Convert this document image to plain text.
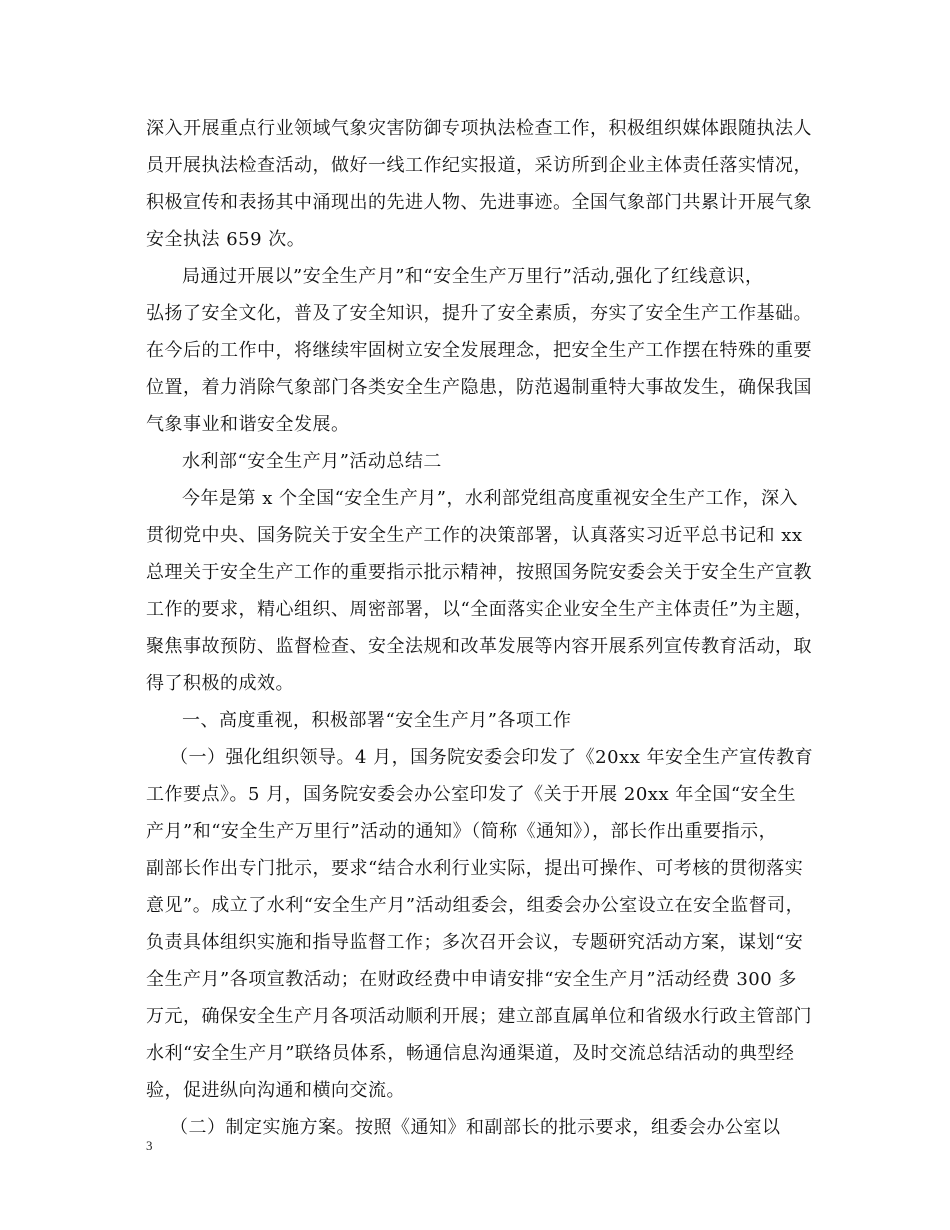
深入开展重点行业领域气象灾害防御专项执法检查工作，积极组织媒体跟随执法人
员开展执法检查活动，做好一线工作纪实报道，采访所到企业主体责任落实情况，
积极宣传和表扬其中涌现出的先进人物、先进事迹。全国气象部门共累计开展气象
安全执法 659 次。
局通过开展以”安全生产月”和“安全生产万里行”活动,强化了红线意识，
弘扬了安全文化，普及了安全知识，提升了安全素质，夯实了安全生产工作基础。
在今后的工作中，将继续牢固树立安全发展理念，把安全生产工作摆在特殊的重要
位置，着力消除气象部门各类安全生产隐患，防范遏制重特大事故发生，确保我国
气象事业和谐安全发展。
水利部“安全生产月”活动总结二
今年是第 x 个全国“安全生产月”，水利部党组高度重视安全生产工作，深入
贯彻党中央、国务院关于安全生产工作的决策部署，认真落实习近平总书记和 xx
总理关于安全生产工作的重要指示批示精神，按照国务院安委会关于安全生产宣教
工作的要求，精心组织、周密部署，以“全面落实企业安全生产主体责任”为主题，
聚焦事故预防、监督检查、安全法规和改革发展等内容开展系列宣传教育活动，取
得了积极的成效。
一、高度重视，积极部署“安全生产月”各项工作
（一）强化组织领导。4 月，国务院安委会印发了《20xx 年安全生产宣传教育
工作要点》。5 月，国务院安委会办公室印发了《关于开展 20xx 年全国“安全生
产月”和“安全生产万里行”活动的通知》（简称《通知》），部长作出重要指示，
副部长作出专门批示，要求“结合水利行业实际，提出可操作、可考核的贯彻落实
意见”。成立了水利“安全生产月”活动组委会，组委会办公室设立在安全监督司，
负责具体组织实施和指导监督工作；多次召开会议，专题研究活动方案，谋划“安
全生产月”各项宣教活动；在财政经费中申请安排“安全生产月”活动经费 300 多
万元，确保安全生产月各项活动顺利开展；建立部直属单位和省级水行政主管部门
水利“安全生产月”联络员体系，畅通信息沟通渠道，及时交流总结活动的典型经
验，促进纵向沟通和横向交流。
（二）制定实施方案。按照《通知》和副部长的批示要求，组委会办公室以
3
